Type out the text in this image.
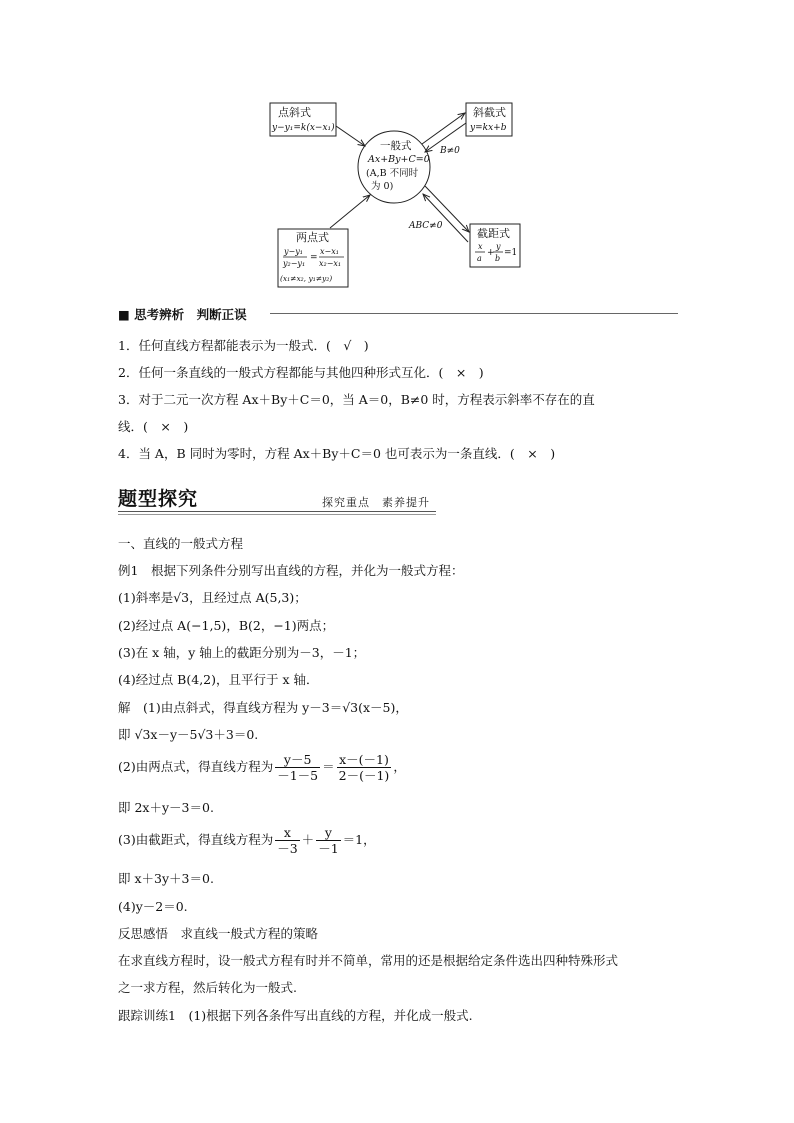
点斜式
y−y₁=k(x−x₁)
斜截式
y=kx+b
一般式
Ax+By+C=0
(A,B 不同时
为 0)
两点式
y−y₁
y₂−y₁
=
x−x₁
x₂−x₁
(x₁≠x₂, y₁≠y₂)
截距式
x
a
+
y
b
=1
B≠0
ABC≠0
■ 思考辨析　判断正误
1．任何直线方程都能表示为一般式．(　√　)
2．任何一条直线的一般式方程都能与其他四种形式互化．(　×　)
3．对于二元一次方程 Ax＋By＋C＝0，当 A＝0，B≠0 时，方程表示斜率不存在的直
线．(　×　)
4．当 A，B 同时为零时，方程 Ax＋By＋C＝0 也可表示为一条直线．(　×　)
题型探究	探究重点　素养提升
一、直线的一般式方程
例1　根据下列条件分别写出直线的方程，并化为一般式方程：
(1)斜率是√3，且经过点 A(5,3)；
(2)经过点 A(−1,5)，B(2，−1)两点；
(3)在 x 轴，y 轴上的截距分别为－3，－1；
(4)经过点 B(4,2)，且平行于 x 轴．
解　(1)由点斜式，得直线方程为 y－3＝√3(x－5)，
即 √3x－y－5√3＋3＝0.
(2)由两点式，得直线方程为 $\frac{y-5}{-1-5} = \frac{x-(-1)}{2-(-1)}$ ，
即 2x＋y－3＝0.
(3)由截距式，得直线方程为 $\frac{x}{-3} + \frac{y}{-1} =1$，
即 x＋3y＋3＝0.
(4)y－2＝0.
反思感悟　求直线一般式方程的策略
在求直线方程时，设一般式方程有时并不简单，常用的还是根据给定条件选出四种特殊形式
之一求方程，然后转化为一般式.
跟踪训练1　(1)根据下列各条件写出直线的方程，并化成一般式.
